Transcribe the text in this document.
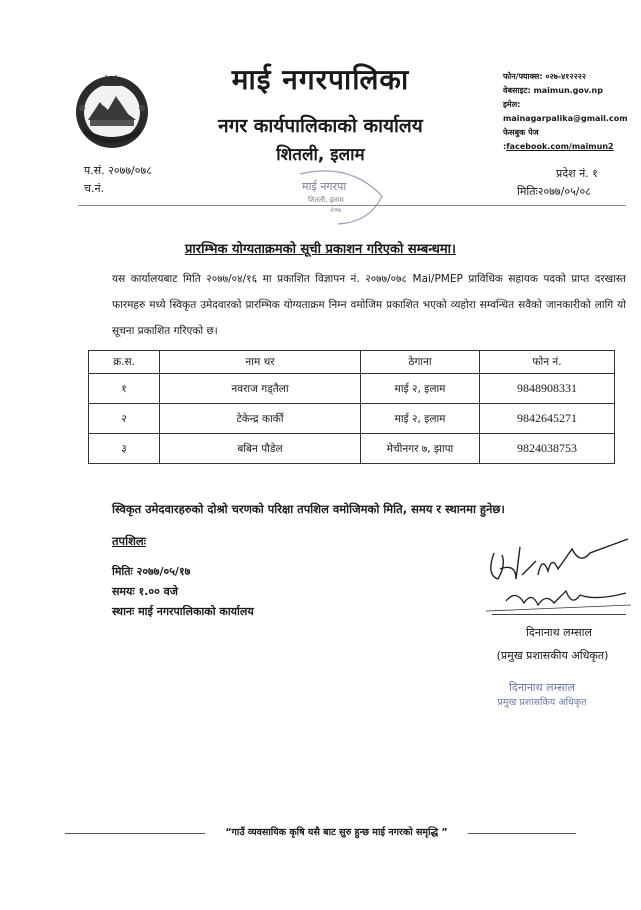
माई नगरपालिका
नगर कार्यपालिकाको कार्यालय
शितली, इलाम
फोन/फ्याक्स: ०२७-४१२२२२
वेबसाइट: maimun.gov.np
इमेल: mainagarpalika@gmail.com
फेसबुक पेज :facebook.com/maimun2
प.सं. २०७७/०७८
च.नं.
प्रदेश नं. १
मितिः२०७७/०५/०८
माई नगरपा
शितली, इलाम
२०७
प्रारम्भिक योग्यताक्रमको सूची प्रकाशन गरिएको सम्बन्धमा।

यस कार्यालयबाट मिति २०७७/०४/१६ मा प्रकाशित विज्ञापन नं. २०७७/०७८ Mai/PMEP प्राविधिक सहायक पदको प्राप्त दरखास्त फारमहरु मध्ये स्विकृत उमेदवारको प्रारम्भिक योग्यताक्रम निम्न वमोजिम प्रकाशित भएको व्यहोरा सम्वन्धित सवैको जानकारीको लागि यो सूचना प्रकाशित गरिएको छ।

क्र.स.	नाम थर	ठेगाना	फोन नं.
१	नवराज गड्तैला	माई २, इलाम	9848908331
२	टेकेन्द्र कार्की	माई २, इलाम	9842645271
३	बबिन पौडेल	मेचीनगर ७, झापा	9824038753
स्विकृत उमेदवारहरुको दोश्रो चरणको परिक्षा तपशिल वमोजिमको मिति, समय र स्थानमा हुनेछ।
तपशिलः
मितिः २०७७/०५/१७
समयः १.०० वजे
स्थानः माई नगरपालिकाको कार्यालय
दिनानाथ लम्साल
(प्रमुख प्रशासकीय अधिकृत)
दिनानाथ लम्साल
प्रमुख प्रशासकिय अधिकृत
“गाउँ व्यवसायिक कृषि यसै बाट सुरु हुन्छ माई नगरको समृद्धि ”
